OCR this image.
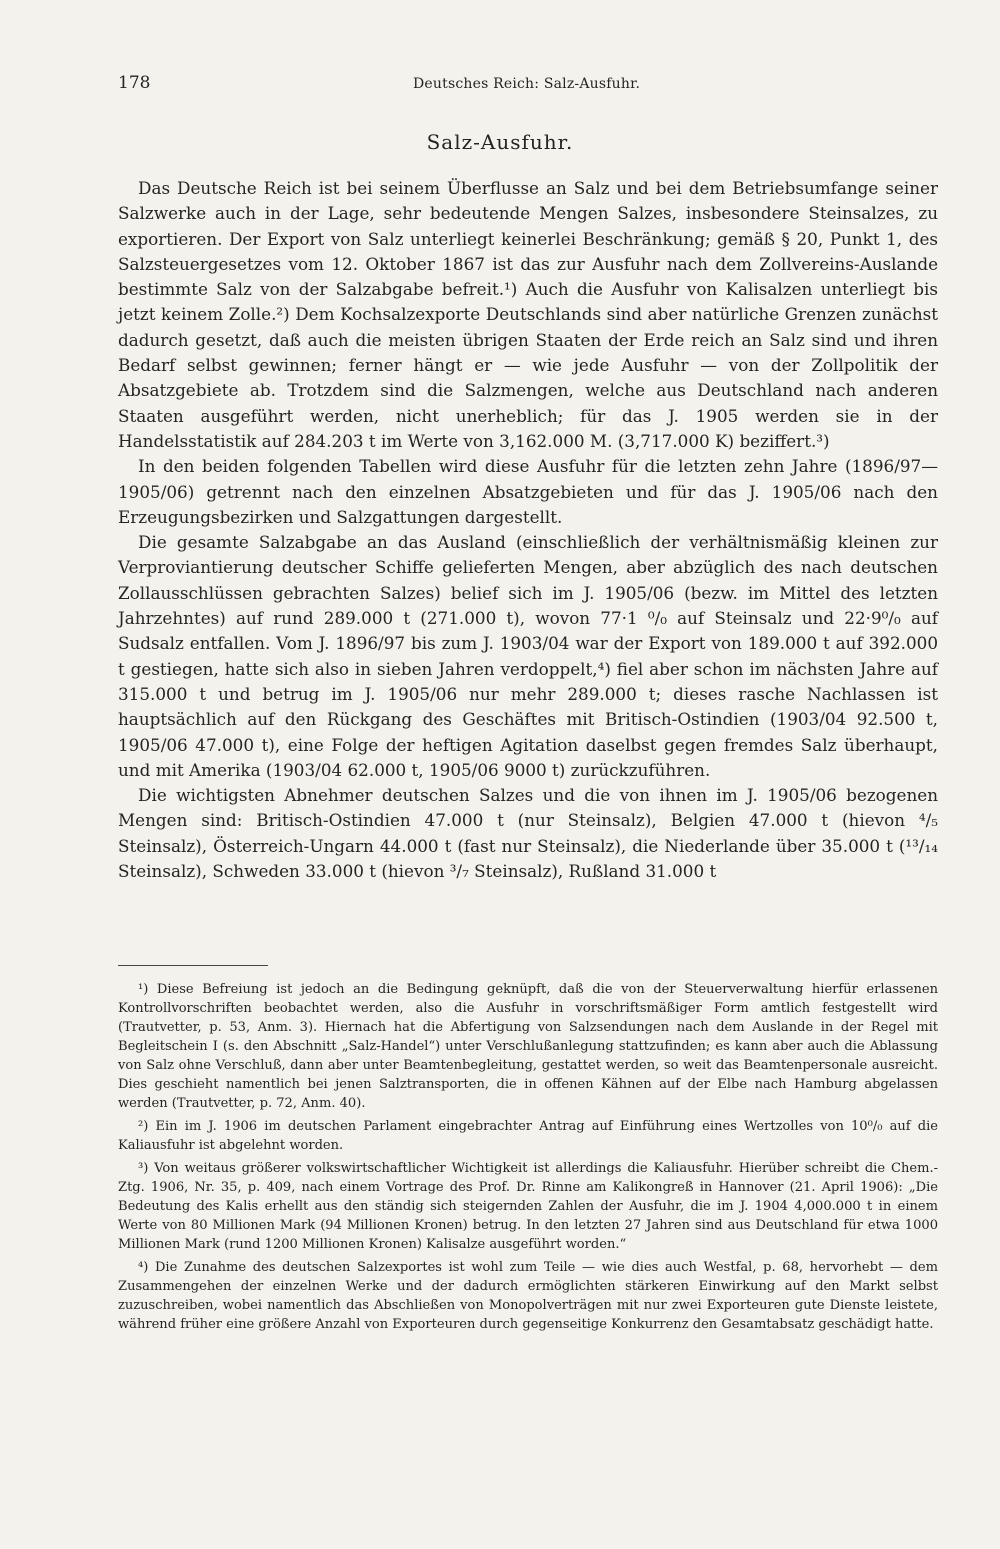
178	Deutsches Reich: Salz-Ausfuhr.
Salz-Ausfuhr.

Das Deutsche Reich ist bei seinem Überflusse an Salz und bei dem Betriebsumfange seiner Salzwerke auch in der Lage, sehr bedeutende Mengen Salzes, insbesondere Steinsalzes, zu exportieren. Der Export von Salz unterliegt keinerlei Beschränkung; gemäß § 20, Punkt 1, des Salzsteuergesetzes vom 12. Oktober 1867 ist das zur Ausfuhr nach dem Zollvereins-Auslande bestimmte Salz von der Salzabgabe befreit.¹) Auch die Ausfuhr von Kalisalzen unterliegt bis jetzt keinem Zolle.²) Dem Kochsalzexporte Deutschlands sind aber natürliche Grenzen zunächst dadurch gesetzt, daß auch die meisten übrigen Staaten der Erde reich an Salz sind und ihren Bedarf selbst gewinnen; ferner hängt er — wie jede Ausfuhr — von der Zollpolitik der Absatzgebiete ab. Trotzdem sind die Salzmengen, welche aus Deutschland nach anderen Staaten ausgeführt werden, nicht unerheblich; für das J. 1905 werden sie in der Handelsstatistik auf 284.203 t im Werte von 3,162.000 M. (3,717.000 K) beziffert.³)

In den beiden folgenden Tabellen wird diese Ausfuhr für die letzten zehn Jahre (1896/97—1905/06) getrennt nach den einzelnen Absatzgebieten und für das J. 1905/06 nach den Erzeugungsbezirken und Salzgattungen dargestellt.

Die gesamte Salzabgabe an das Ausland (einschließlich der verhältnismäßig kleinen zur Verproviantierung deutscher Schiffe gelieferten Mengen, aber abzüglich des nach deutschen Zollausschlüssen gebrachten Salzes) belief sich im J. 1905/06 (bezw. im Mittel des letzten Jahrzehntes) auf rund 289.000 t (271.000 t), wovon 77·1 ⁰/₀ auf Steinsalz und 22·9⁰/₀ auf Sudsalz entfallen. Vom J. 1896/97 bis zum J. 1903/04 war der Export von 189.000 t auf 392.000 t gestiegen, hatte sich also in sieben Jahren verdoppelt,⁴) fiel aber schon im nächsten Jahre auf 315.000 t und betrug im J. 1905/06 nur mehr 289.000 t; dieses rasche Nachlassen ist hauptsächlich auf den Rückgang des Geschäftes mit Britisch-Ostindien (1903/04 92.500 t, 1905/06 47.000 t), eine Folge der heftigen Agitation daselbst gegen fremdes Salz überhaupt, und mit Amerika (1903/04 62.000 t, 1905/06 9000 t) zurückzuführen.

Die wichtigsten Abnehmer deutschen Salzes und die von ihnen im J. 1905/06 bezogenen Mengen sind: Britisch-Ostindien 47.000 t (nur Steinsalz), Belgien 47.000 t (hievon ⁴/₅ Steinsalz), Österreich-Ungarn 44.000 t (fast nur Steinsalz), die Niederlande über 35.000 t (¹³/₁₄ Steinsalz), Schweden 33.000 t (hievon ³/₇ Steinsalz), Rußland 31.000 t

¹) Diese Befreiung ist jedoch an die Bedingung geknüpft, daß die von der Steuerverwaltung hierfür erlassenen Kontrollvorschriften beobachtet werden, also die Ausfuhr in vorschriftsmäßiger Form amtlich festgestellt wird (Trautvetter, p. 53, Anm. 3). Hiernach hat die Abfertigung von Salzsendungen nach dem Auslande in der Regel mit Begleitschein I (s. den Abschnitt „Salz-Handel“) unter Verschlußanlegung stattzufinden; es kann aber auch die Ablassung von Salz ohne Verschluß, dann aber unter Beamtenbegleitung, gestattet werden, so weit das Beamtenpersonale ausreicht. Dies geschieht namentlich bei jenen Salztransporten, die in offenen Kähnen auf der Elbe nach Hamburg abgelassen werden (Trautvetter, p. 72, Anm. 40).

²) Ein im J. 1906 im deutschen Parlament eingebrachter Antrag auf Einführung eines Wertzolles von 10⁰/₀ auf die Kaliausfuhr ist abgelehnt worden.

³) Von weitaus größerer volkswirtschaftlicher Wichtigkeit ist allerdings die Kaliausfuhr. Hierüber schreibt die Chem.-Ztg. 1906, Nr. 35, p. 409, nach einem Vortrage des Prof. Dr. Rinne am Kalikongreß in Hannover (21. April 1906): „Die Bedeutung des Kalis erhellt aus den ständig sich steigernden Zahlen der Ausfuhr, die im J. 1904 4,000.000 t in einem Werte von 80 Millionen Mark (94 Millionen Kronen) betrug. In den letzten 27 Jahren sind aus Deutschland für etwa 1000 Millionen Mark (rund 1200 Millionen Kronen) Kalisalze ausgeführt worden.“

⁴) Die Zunahme des deutschen Salzexportes ist wohl zum Teile — wie dies auch Westfal, p. 68, hervorhebt — dem Zusammengehen der einzelnen Werke und der dadurch ermöglichten stärkeren Einwirkung auf den Markt selbst zuzuschreiben, wobei namentlich das Abschließen von Monopolverträgen mit nur zwei Exporteuren gute Dienste leistete, während früher eine größere Anzahl von Exporteuren durch gegenseitige Konkurrenz den Gesamtabsatz geschädigt hatte.
